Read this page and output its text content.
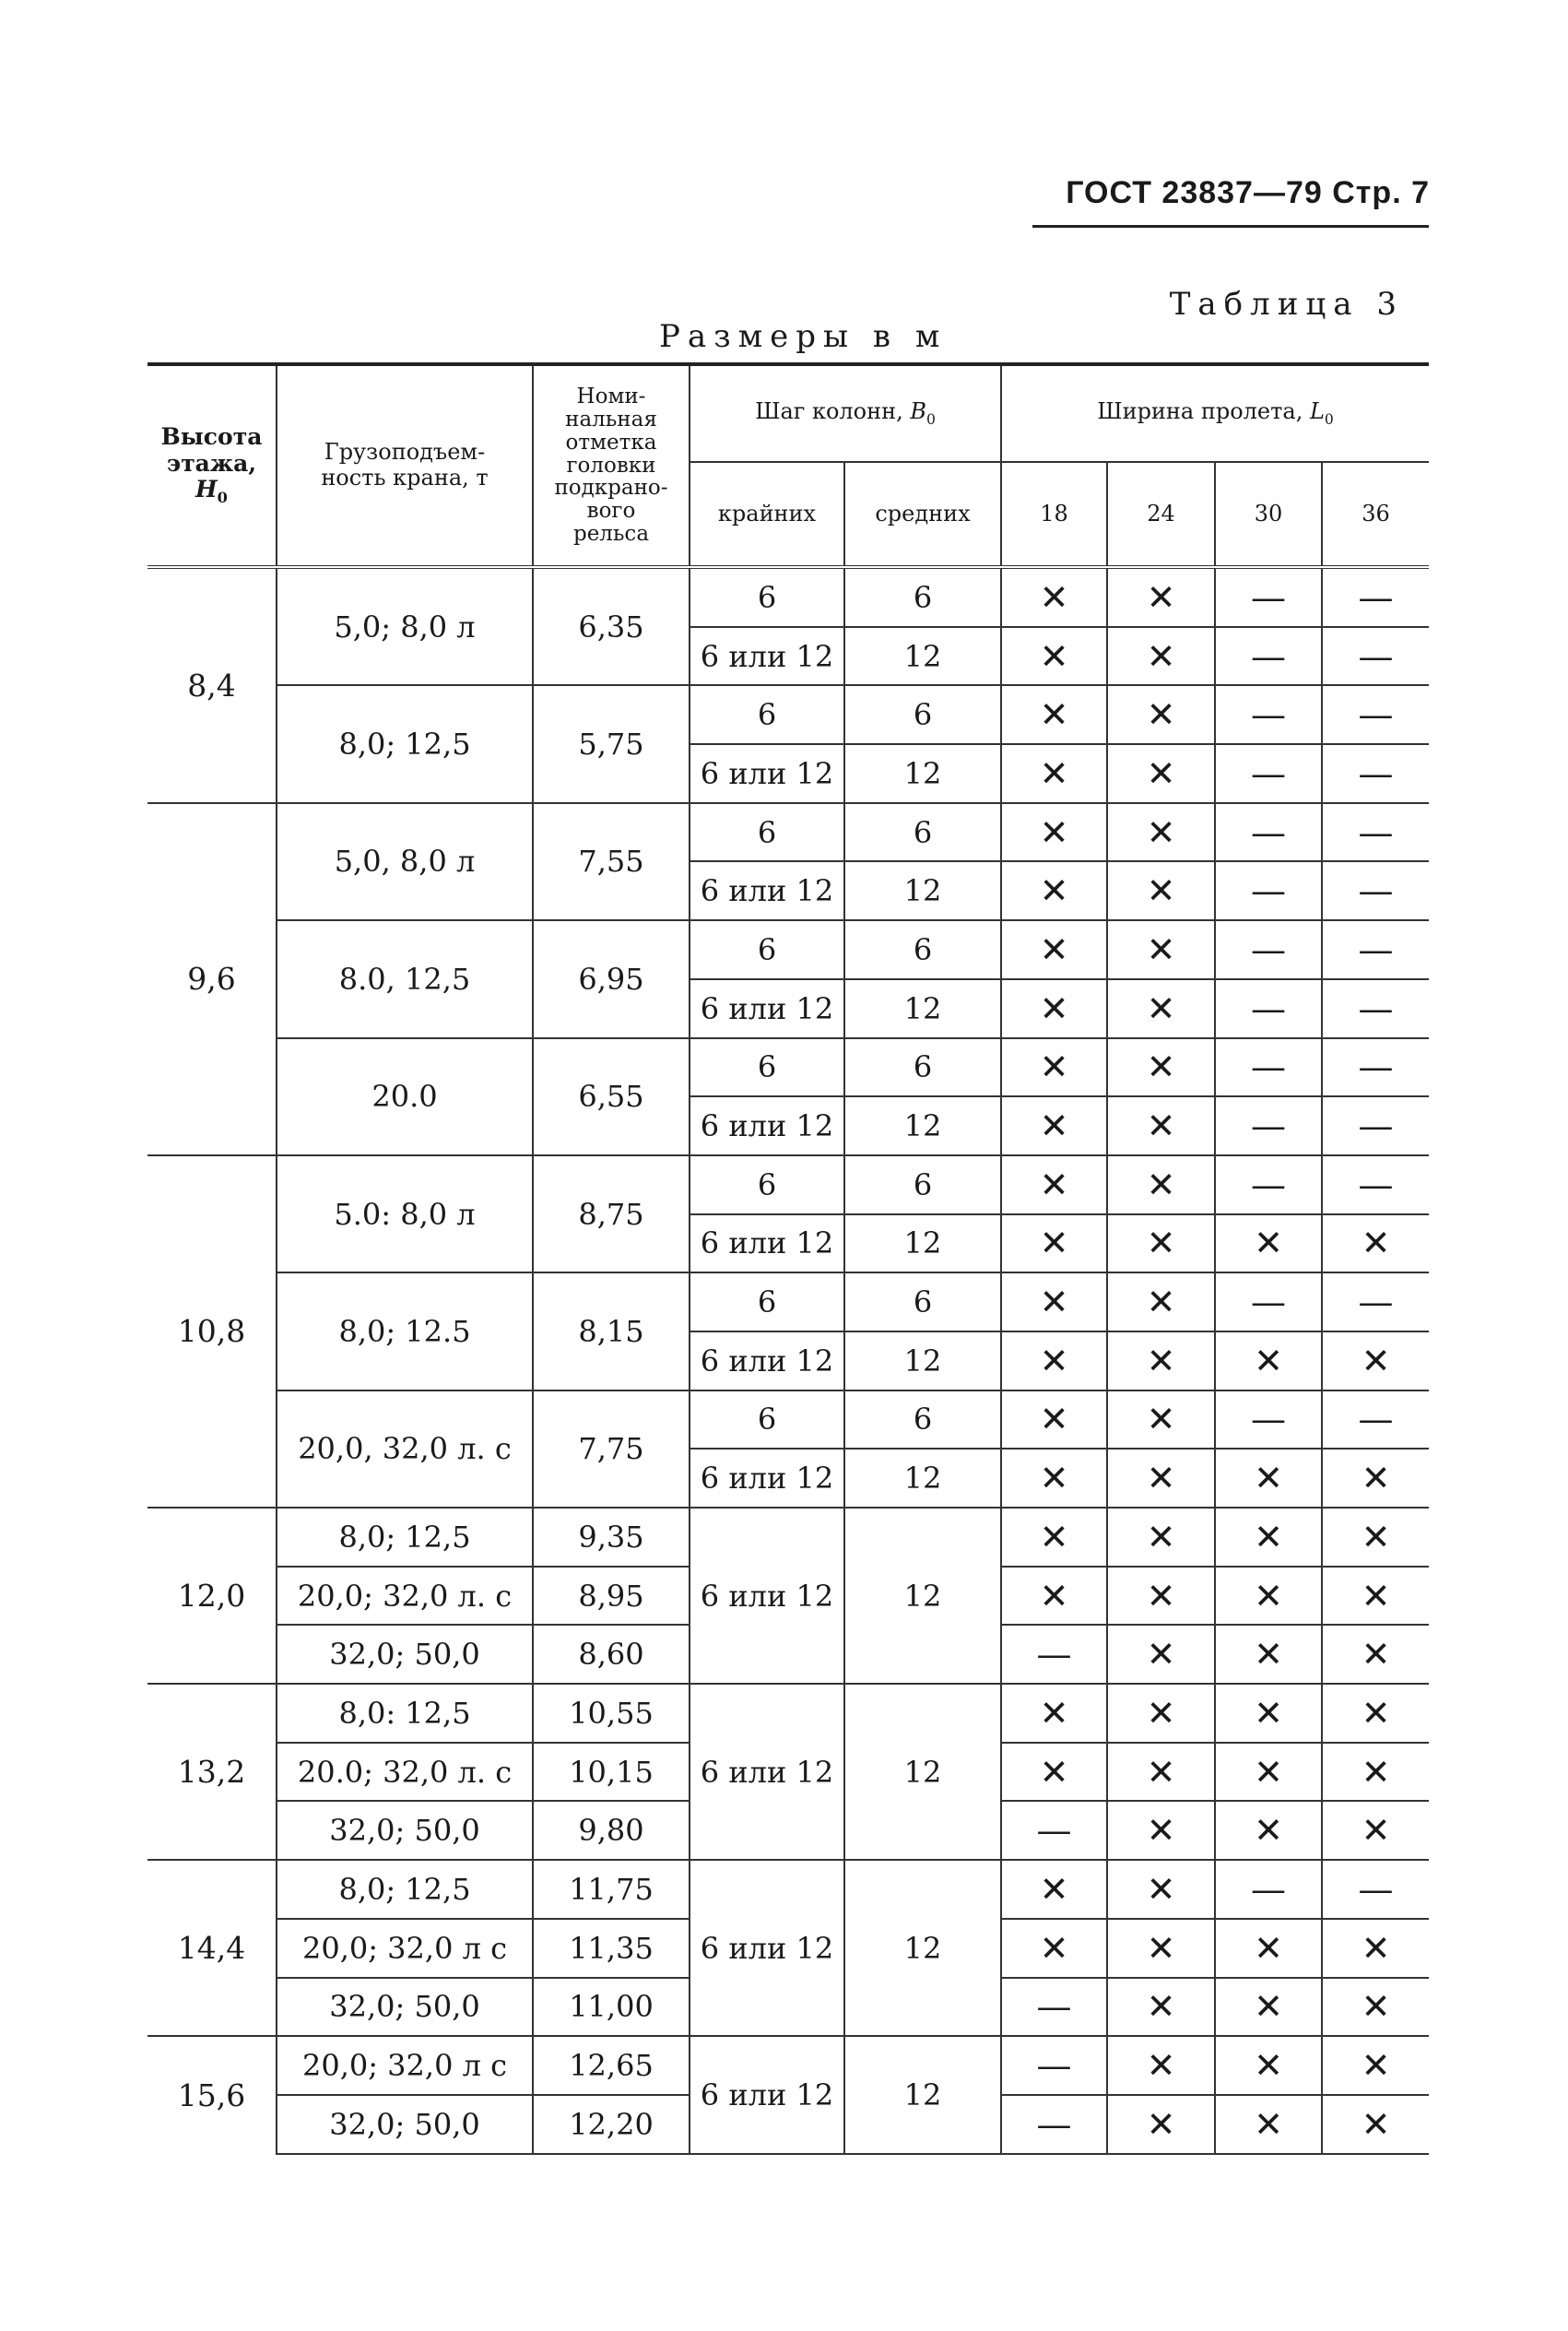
ГОСТ 23837—79 Стр. 7
Таблица 3
Размеры в м
Высота этажа,
$H_0$	Грузоподъем- ность крана, т	Номи- нальная отметка головки подкрано- вого рельса	Шаг колонн, $B_0$		Ширина пролета, $L_0$
			крайних	средних	18	24	30	36
8,4	5,0; 8,0 л	6,35	6	6	✕	✕	—	—
			6 или 12	12	✕	✕	—	—
	8,0; 12,5	5,75	6	6	✕	✕	—	—
			6 или 12	12	✕	✕	—	—
9,6	5,0, 8,0 л	7,55	6	6	✕	✕	—	—
			6 или 12	12	✕	✕	—	—
	8.0, 12,5	6,95	6	6	✕	✕	—	—
			6 или 12	12	✕	✕	—	—
	20.0	6,55	6	6	✕	✕	—	—
			6 или 12	12	✕	✕	—	—
10,8	5.0: 8,0 л	8,75	6	6	✕	✕	—	—
			6 или 12	12	✕	✕	✕	✕
	8,0; 12.5	8,15	6	6	✕	✕	—	—
			6 или 12	12	✕	✕	✕	✕
	20,0, 32,0 л. с	7,75	6	6	✕	✕	—	—
			6 или 12	12	✕	✕	✕	✕
12,0	8,0; 12,5	9,35	6 или 12	12	✕	✕	✕	✕
	20,0; 32,0 л. с	8,95			✕	✕	✕	✕
	32,0; 50,0	8,60			—	✕	✕	✕
13,2	8,0: 12,5	10,55	6 или 12	12	✕	✕	✕	✕
	20.0; 32,0 л. с	10,15			✕	✕	✕	✕
	32,0; 50,0	9,80			—	✕	✕	✕
14,4	8,0; 12,5	11,75	6 или 12	12	✕	✕	—	—
	20,0; 32,0 л с	11,35			✕	✕	✕	✕
	32,0; 50,0	11,00			—	✕	✕	✕
15,6	20,0; 32,0 л с	12,65	6 или 12	12	—	✕	✕	✕
	32,0; 50,0	12,20			—	✕	✕	✕
